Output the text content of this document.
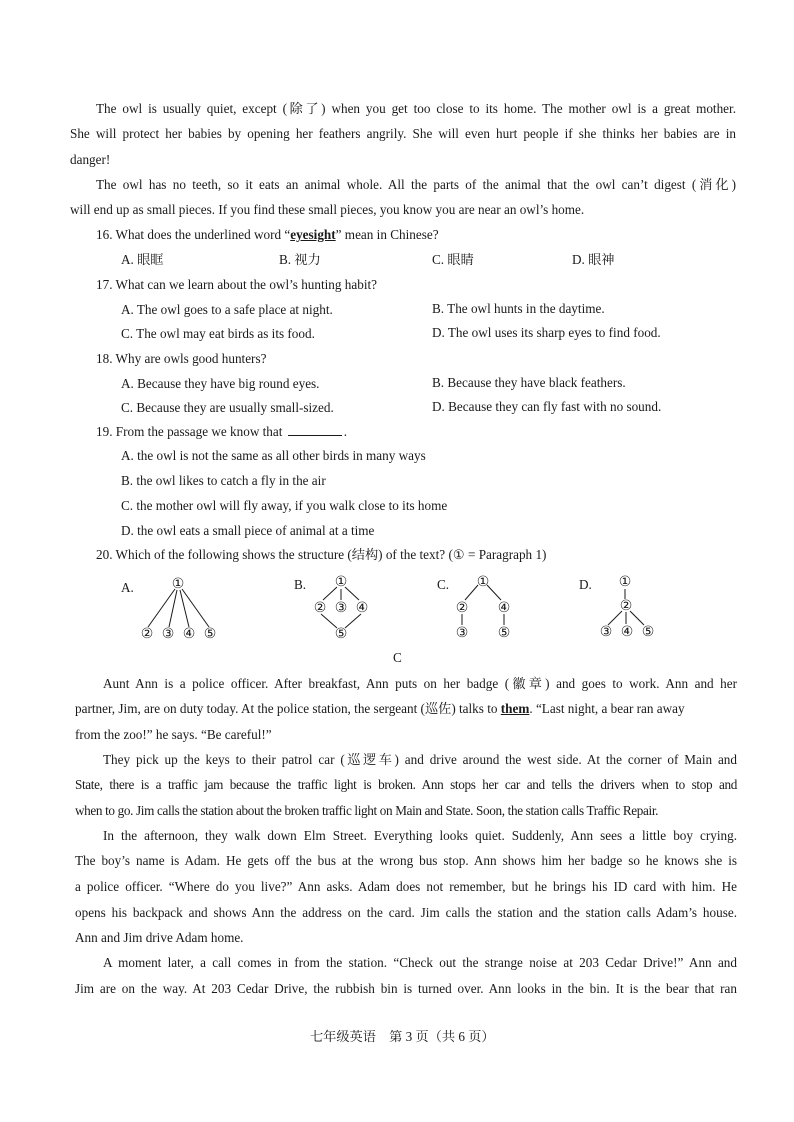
The owl is usually quiet, except (除了) when you get too close to its home. The mother owl is a great mother.
She will protect her babies by opening her feathers angrily. She will even hurt people if she thinks her babies are in
danger!
The owl has no teeth, so it eats an animal whole. All the parts of the animal that the owl can’t digest (消化)
will end up as small pieces. If you find these small pieces, you know you are near an owl’s home.
16. What does the underlined word “eyesight” mean in Chinese?
A. 眼眶	B. 视力	C. 眼睛	D. 眼神
17. What can we learn about the owl’s hunting habit?
A. The owl goes to a safe place at night.	B. The owl hunts in the daytime.
C. The owl may eat birds as its food.	D. The owl uses its sharp eyes to find food.
18. Why are owls good hunters?
A. Because they have big round eyes.	B. Because they have black feathers.
C. Because they are usually small-sized.	D. Because they can fly fast with no sound.
19. From the passage we know that	.
A. the owl is not the same as all other birds in many ways
B. the owl likes to catch a fly in the air
C. the mother owl will fly away, if you walk close to its home
D. the owl eats a small piece of animal at a time
20. Which of the following shows the structure (结构) of the text? (① = Paragraph 1)
A.	B.	C.	D.
①
② ③ ④ ⑤
①
② ③ ④
⑤
①
② ④
③ ⑤
①
②
③ ④ ⑤
C
Aunt Ann is a police officer. After breakfast, Ann puts on her badge (徽章) and goes to work. Ann and her
partner, Jim, are on duty today. At the police station, the sergeant (巡佐) talks to them. “Last night, a bear ran away
from the zoo!” he says. “Be careful!”
They pick up the keys to their patrol car (巡逻车) and drive around the west side. At the corner of Main and
State, there is a traffic jam because the traffic light is broken. Ann stops her car and tells the drivers when to stop and
when to go. Jim calls the station about the broken traffic light on Main and State. Soon, the station calls Traffic Repair.
In the afternoon, they walk down Elm Street. Everything looks quiet. Suddenly, Ann sees a little boy crying.
The boy’s name is Adam. He gets off the bus at the wrong bus stop. Ann shows him her badge so he knows she is
a police officer. “Where do you live?” Ann asks. Adam does not remember, but he brings his ID card with him. He
opens his backpack and shows Ann the address on the card. Jim calls the station and the station calls Adam’s house.
Ann and Jim drive Adam home.
A moment later, a call comes in from the station. “Check out the strange noise at 203 Cedar Drive!” Ann and
Jim are on the way. At 203 Cedar Drive, the rubbish bin is turned over. Ann looks in the bin. It is the bear that ran
七年级英语　第 3 页（共 6 页）
